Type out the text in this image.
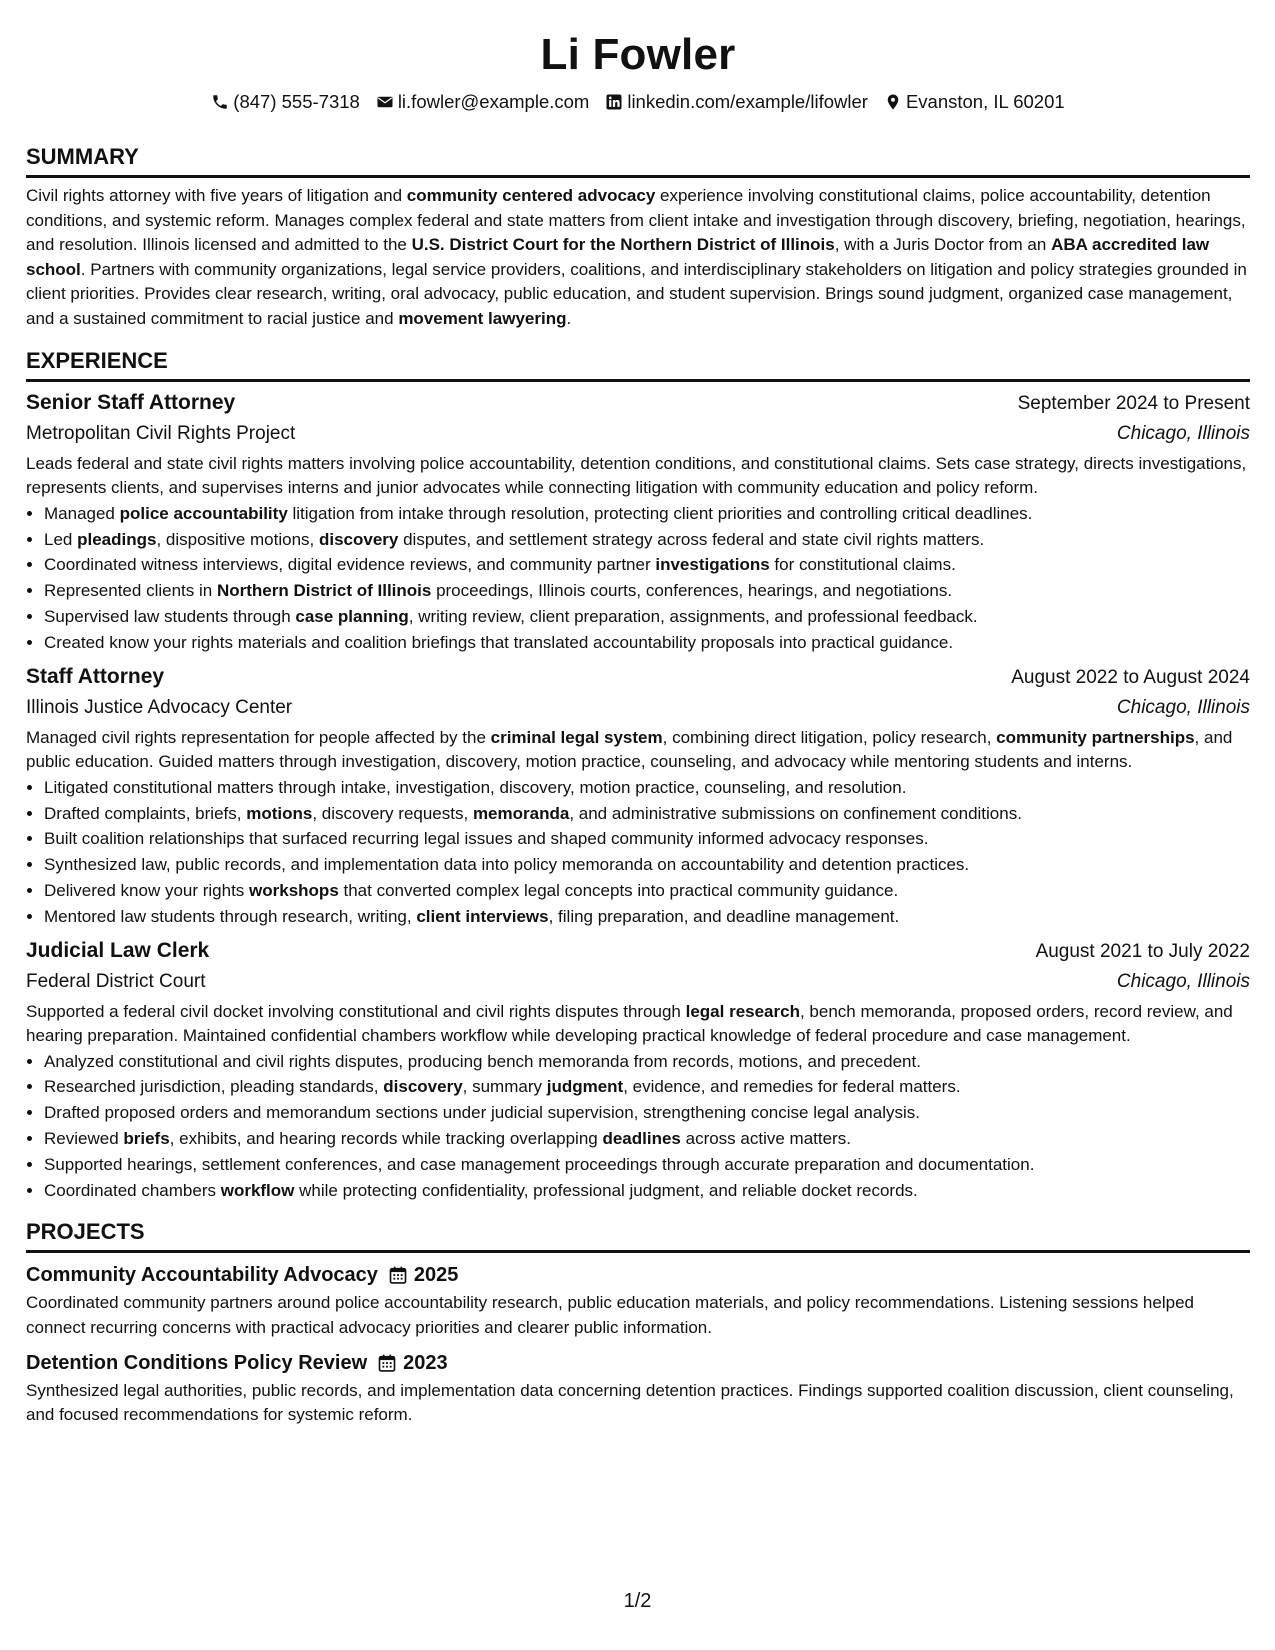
Li Fowler
(847) 555-7318 li.fowler@example.com linkedin.com/example/lifowler Evanston, IL 60201
SUMMARY

Civil rights attorney with five years of litigation and community centered advocacy experience involving constitutional claims, police accountability, detention conditions, and systemic reform. Manages complex federal and state matters from client intake and investigation through discovery, briefing, negotiation, hearings, and resolution. Illinois licensed and admitted to the U.S. District Court for the Northern District of Illinois, with a Juris Doctor from an ABA accredited law school. Partners with community organizations, legal service providers, coalitions, and interdisciplinary stakeholders on litigation and policy strategies grounded in client priorities. Provides clear research, writing, oral advocacy, public education, and student supervision. Brings sound judgment, organized case management, and a sustained commitment to racial justice and movement lawyering.

EXPERIENCE
Senior Staff Attorney	September 2024 to Present
Metropolitan Civil Rights Project	Chicago, Illinois

Leads federal and state civil rights matters involving police accountability, detention conditions, and constitutional claims. Sets case strategy, directs investigations, represents clients, and supervises interns and junior advocates while connecting litigation with community education and policy reform.

• Managed police accountability litigation from intake through resolution, protecting client priorities and controlling critical deadlines.
• Led pleadings, dispositive motions, discovery disputes, and settlement strategy across federal and state civil rights matters.
• Coordinated witness interviews, digital evidence reviews, and community partner investigations for constitutional claims.
• Represented clients in Northern District of Illinois proceedings, Illinois courts, conferences, hearings, and negotiations.
• Supervised law students through case planning, writing review, client preparation, assignments, and professional feedback.
• Created know your rights materials and coalition briefings that translated accountability proposals into practical guidance.
Staff Attorney	August 2022 to August 2024
Illinois Justice Advocacy Center	Chicago, Illinois

Managed civil rights representation for people affected by the criminal legal system, combining direct litigation, policy research, community partnerships, and public education. Guided matters through investigation, discovery, motion practice, counseling, and advocacy while mentoring students and interns.

• Litigated constitutional matters through intake, investigation, discovery, motion practice, counseling, and resolution.
• Drafted complaints, briefs, motions, discovery requests, memoranda, and administrative submissions on confinement conditions.
• Built coalition relationships that surfaced recurring legal issues and shaped community informed advocacy responses.
• Synthesized law, public records, and implementation data into policy memoranda on accountability and detention practices.
• Delivered know your rights workshops that converted complex legal concepts into practical community guidance.
• Mentored law students through research, writing, client interviews, filing preparation, and deadline management.
Judicial Law Clerk	August 2021 to July 2022
Federal District Court	Chicago, Illinois

Supported a federal civil docket involving constitutional and civil rights disputes through legal research, bench memoranda, proposed orders, record review, and hearing preparation. Maintained confidential chambers workflow while developing practical knowledge of federal procedure and case management.

• Analyzed constitutional and civil rights disputes, producing bench memoranda from records, motions, and precedent.
• Researched jurisdiction, pleading standards, discovery, summary judgment, evidence, and remedies for federal matters.
• Drafted proposed orders and memorandum sections under judicial supervision, strengthening concise legal analysis.
• Reviewed briefs, exhibits, and hearing records while tracking overlapping deadlines across active matters.
• Supported hearings, settlement conferences, and case management proceedings through accurate preparation and documentation.
• Coordinated chambers workflow while protecting confidentiality, professional judgment, and reliable docket records.
PROJECTS
Community Accountability Advocacy 2025

Coordinated community partners around police accountability research, public education materials, and policy recommendations. Listening sessions helped connect recurring concerns with practical advocacy priorities and clearer public information.

Detention Conditions Policy Review 2023

Synthesized legal authorities, public records, and implementation data concerning detention practices. Findings supported coalition discussion, client counseling, and focused recommendations for systemic reform.

1/2
